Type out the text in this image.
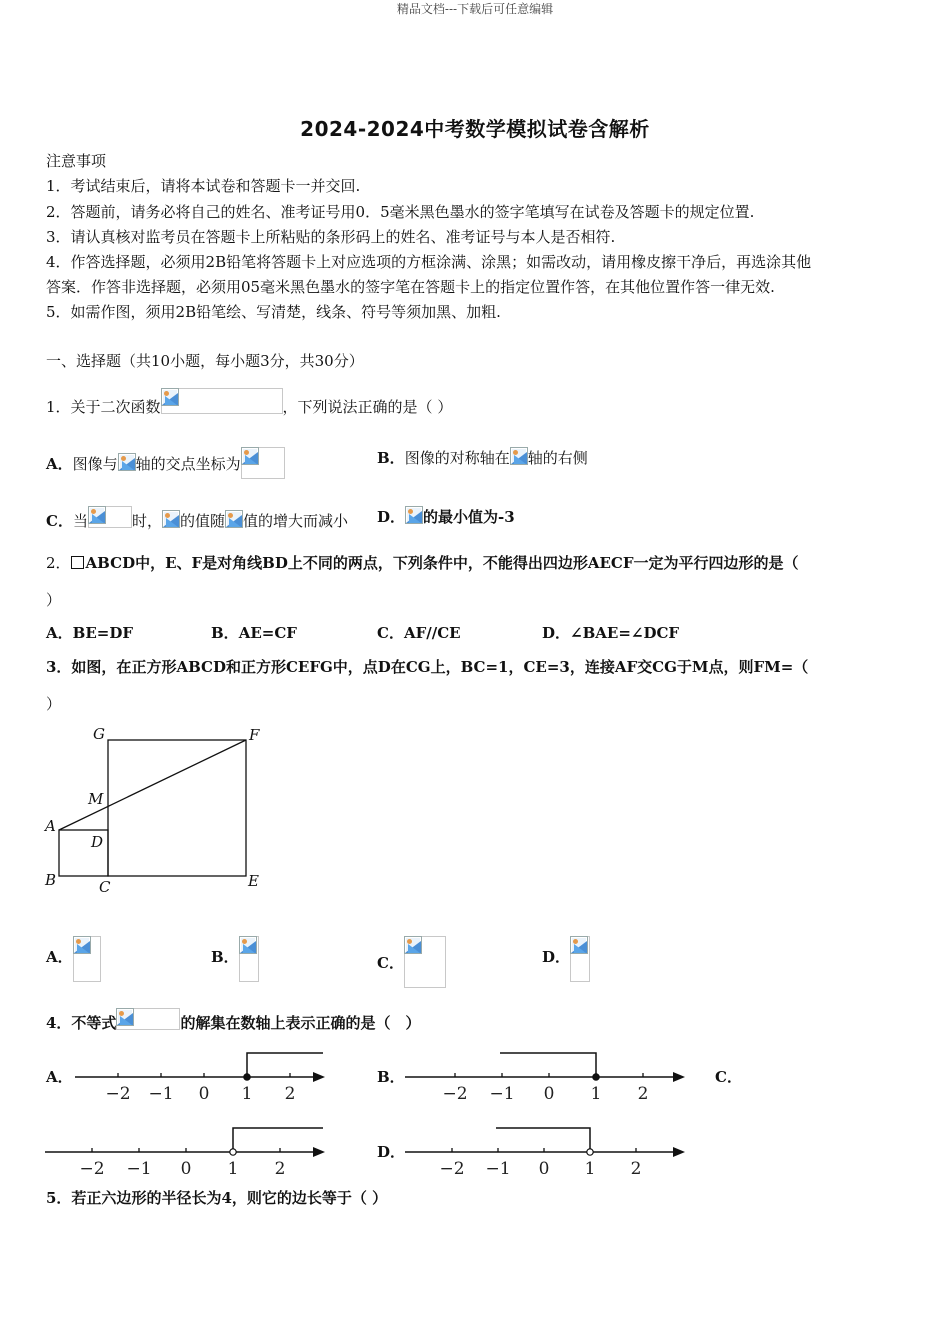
精品文档---下载后可任意编辑
2024-2024中考数学模拟试卷含解析
注意事项
1．考试结束后，请将本试卷和答题卡一并交回.
2．答题前，请务必将自己的姓名、准考证号用0．5毫米黑色墨水的签字笔填写在试卷及答题卡的规定位置.
3．请认真核对监考员在答题卡上所粘贴的条形码上的姓名、准考证号与本人是否相符.
4．作答选择题，必须用2B铅笔将答题卡上对应选项的方框涂满、涂黑；如需改动，请用橡皮擦干净后，再选涂其他
答案．作答非选择题，必须用05毫米黑色墨水的签字笔在答题卡上的指定位置作答，在其他位置作答一律无效.
5．如需作图，须用2B铅笔绘、写清楚，线条、符号等须加黑、加粗.
一、选择题（共10小题，每小题3分，共30分）
1．关于二次函数	，下列说法正确的是（ ）
A．图像与 轴的交点坐标为	B．图像的对称轴在 轴的右侧
C．当	时， 的值随 值的增大而减小 D． 的最小值为-3
2． ABCD中，E、F是对角线BD上不同的两点，下列条件中，不能得出四边形AECF一定为平行四边形的是（
）
A．BE=DF	B．AE=CF	C．AF//CE	D．∠BAE=∠DCF
3．如图，在正方形ABCD和正方形CEFG中，点D在CG上，BC=1，CE=3，连接AF交CG于M点，则FM=（
）
G	F
M
A
D
B	C	E
A．	B．	C．	D．
4．不等式	的解集在数轴上表示正确的是（　）
A．	B．	C．
D．
−2 −1 0 1 2	−2 −1 0 1 2
−2 −1 0 1 2	−2 −1 0 1 2
5．若正六边形的半径长为4，则它的边长等于（ ）
